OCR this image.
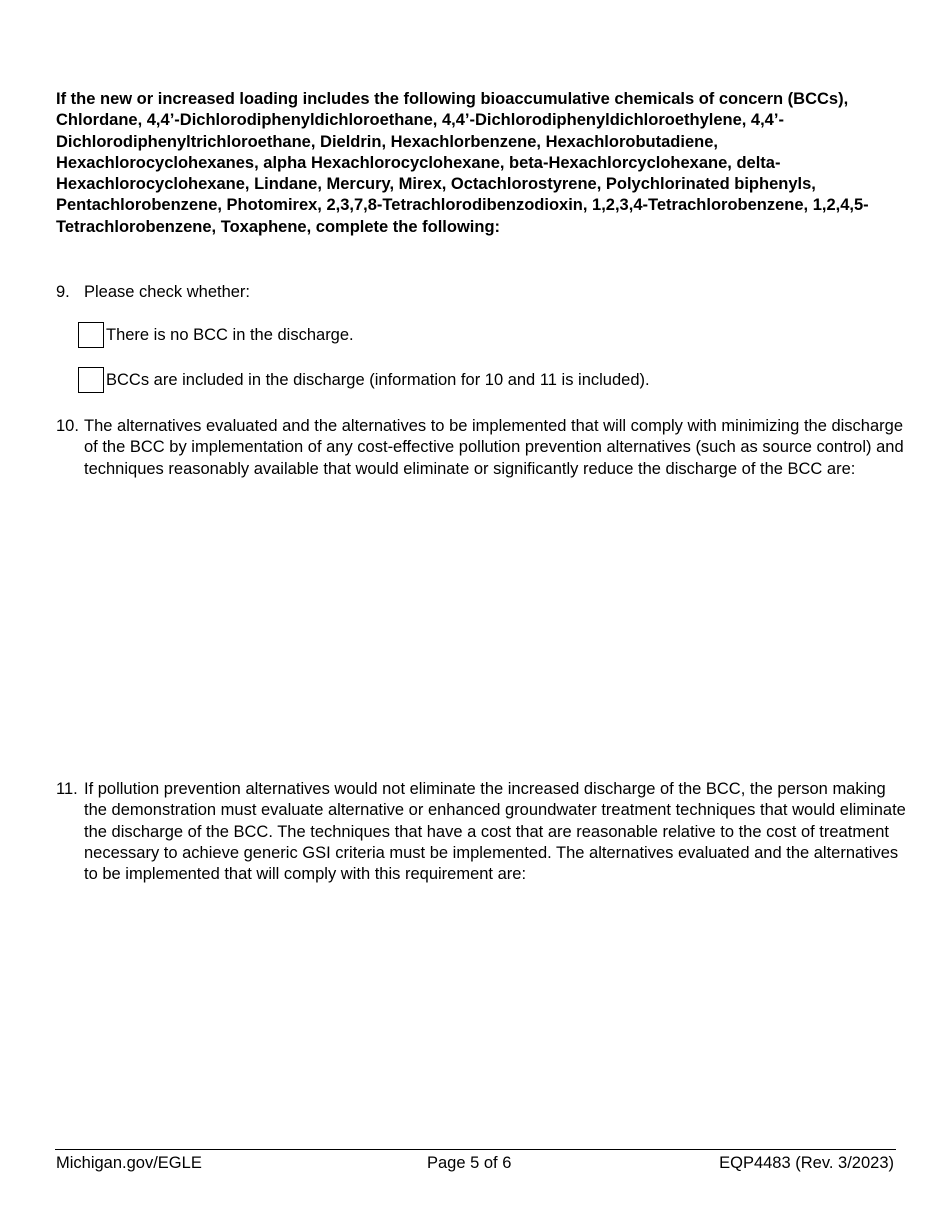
If the new or increased loading includes the following bioaccumulative chemicals of concern (BCCs), Chlordane, 4,4’-Dichlorodiphenyldichloroethane, 4,4’-Dichlorodiphenyldichloroethylene, 4,4’-Dichlorodiphenyltrichloroethane, Dieldrin, Hexachlorbenzene, Hexachlorobutadiene, Hexachlorocyclohexanes, alpha Hexachlorocyclohexane, beta-Hexachlorcyclohexane, delta-Hexachlorocyclohexane, Lindane, Mercury, Mirex, Octachlorostyrene, Polychlorinated biphenyls, Pentachlorobenzene, Photomirex, 2,3,7,8-Tetrachlorodibenzodioxin, 1,2,3,4-Tetrachlorobenzene, 1,2,4,5-Tetrachlorobenzene, Toxaphene, complete the following:

9. Please check whether:
There is no BCC in the discharge.
BCCs are included in the discharge (information for 10 and 11 is included).
10. The alternatives evaluated and the alternatives to be implemented that will comply with minimizing the discharge of the BCC by implementation of any cost-effective pollution prevention alternatives (such as source control) and techniques reasonably available that would eliminate or significantly reduce the discharge of the BCC are:
11. If pollution prevention alternatives would not eliminate the increased discharge of the BCC, the person making the demonstration must evaluate alternative or enhanced groundwater treatment techniques that would eliminate the discharge of the BCC. The techniques that have a cost that are reasonable relative to the cost of treatment necessary to achieve generic GSI criteria must be implemented. The alternatives evaluated and the alternatives to be implemented that will comply with this requirement are:
Michigan.gov/EGLE	Page 5 of 6	EQP4483 (Rev. 3/2023)
